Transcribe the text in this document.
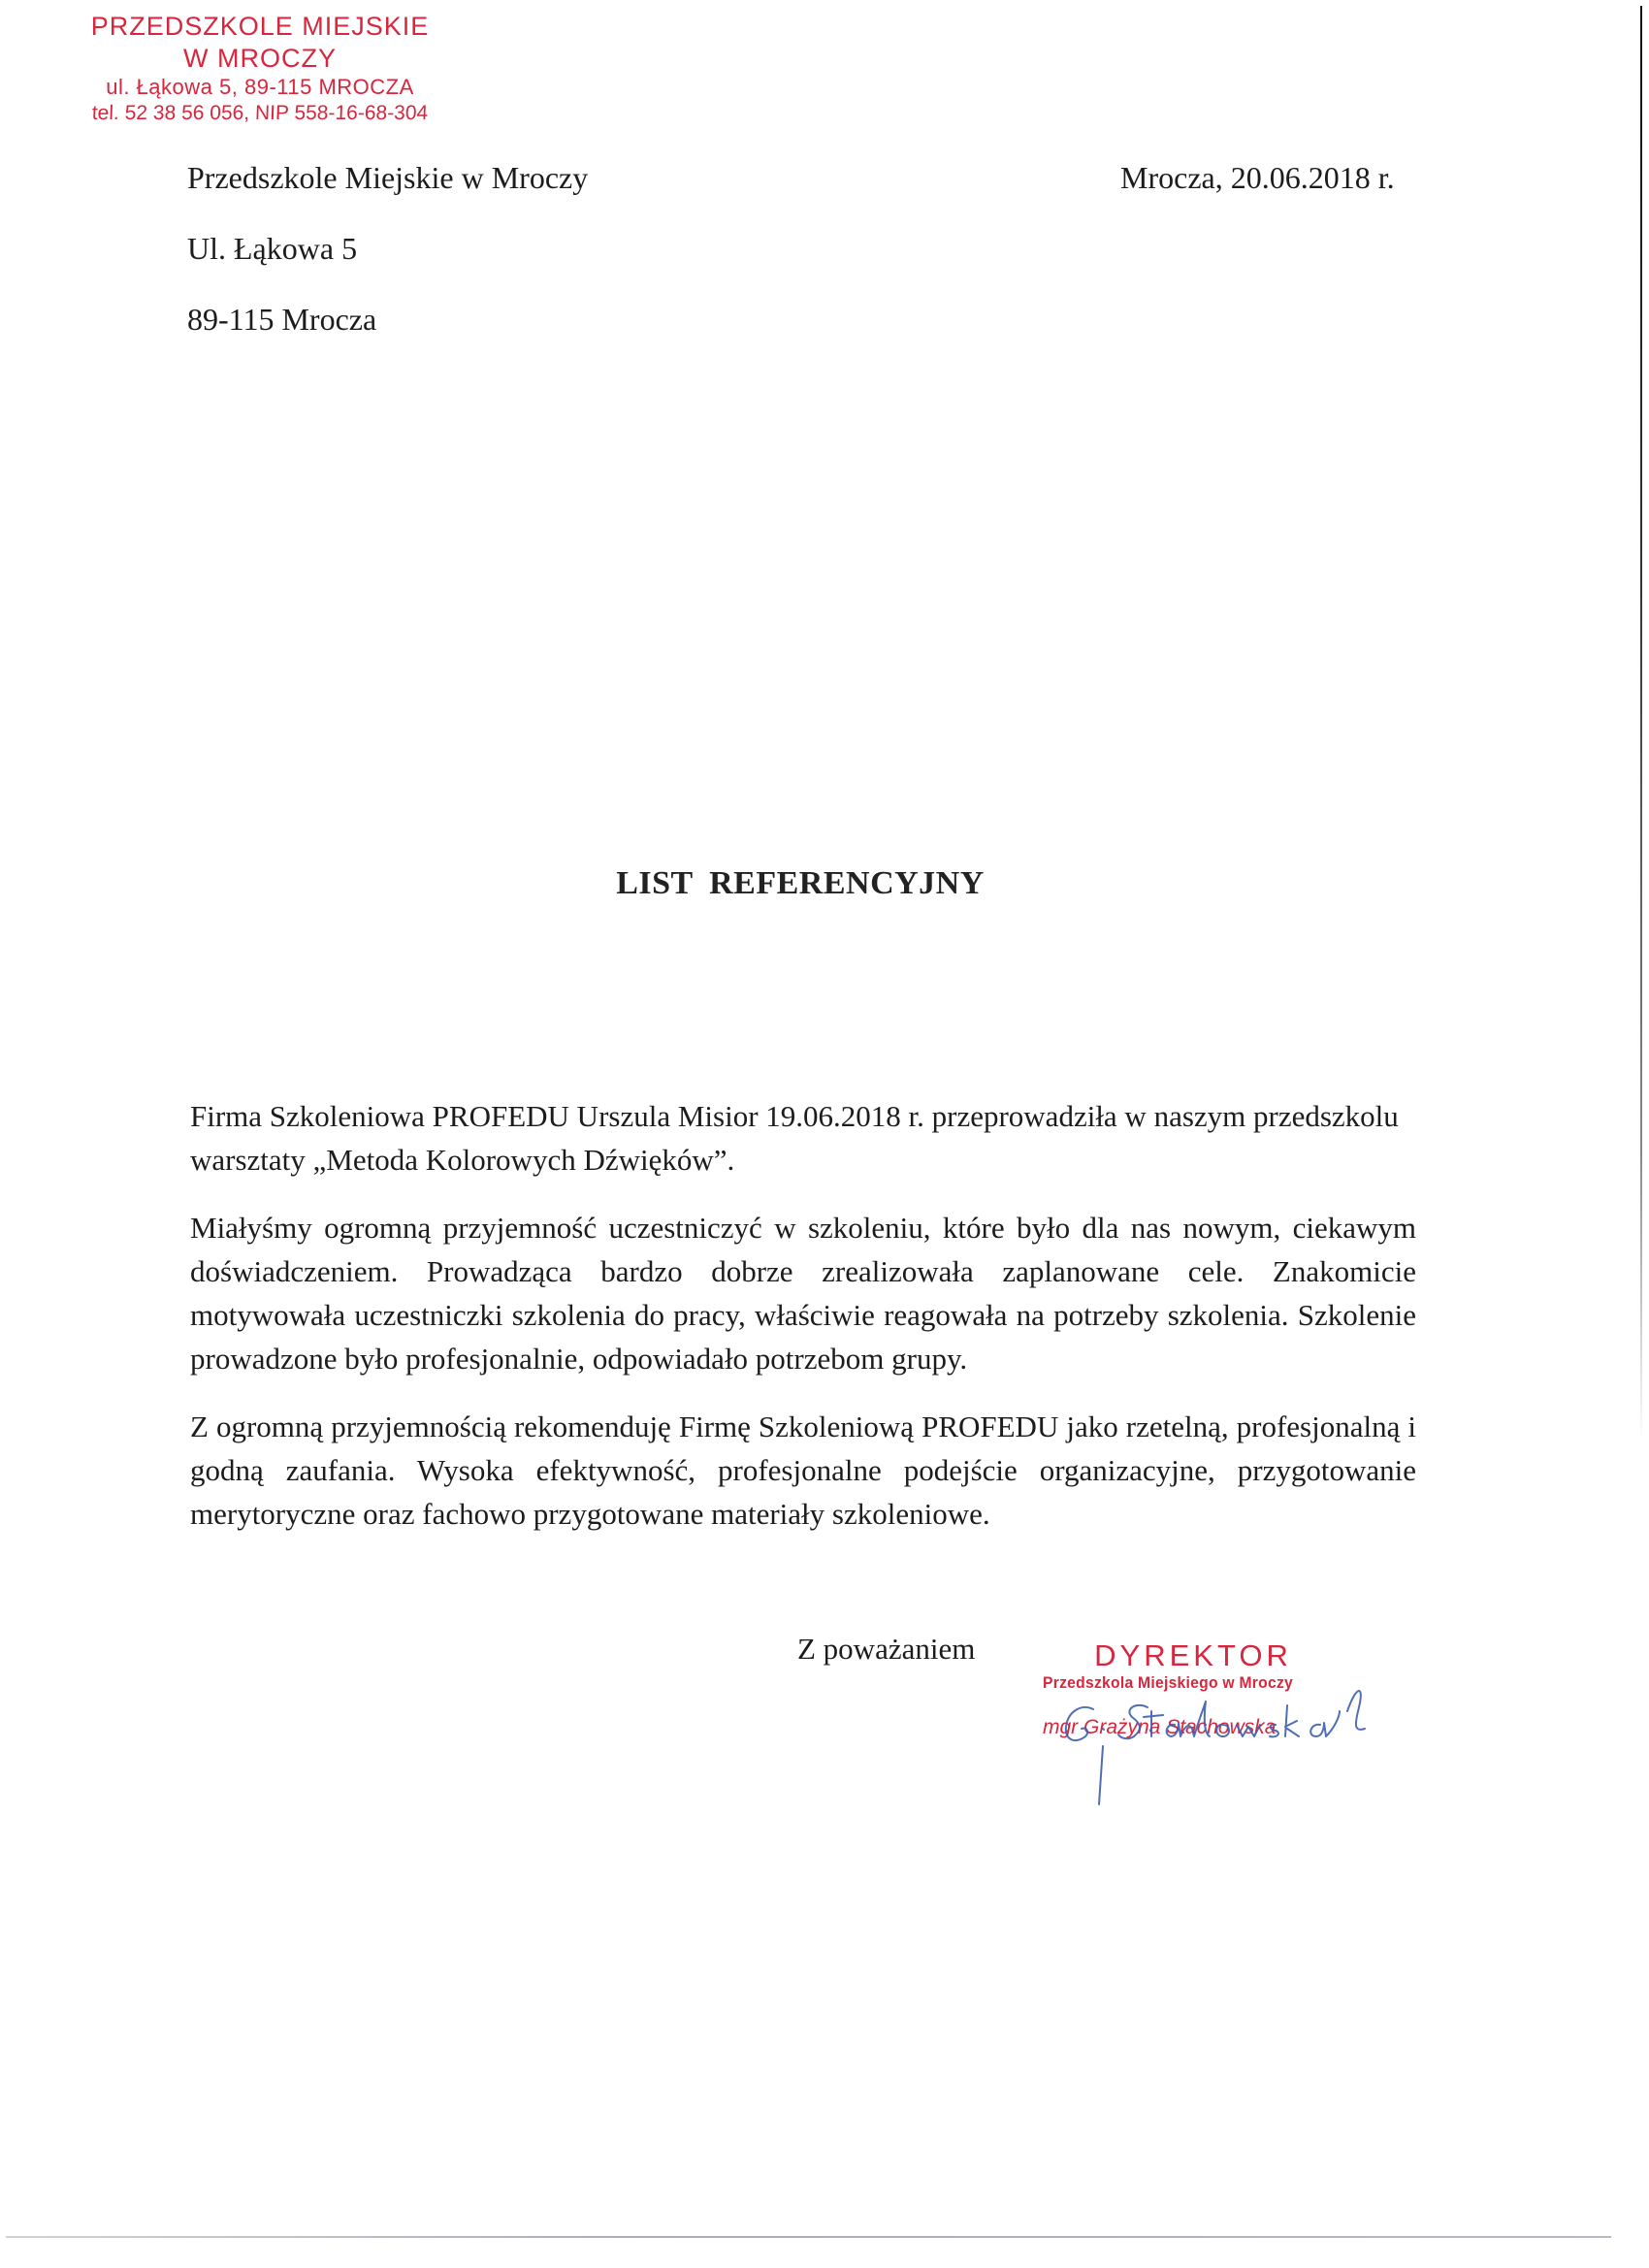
PRZEDSZKOLE MIEJSKIE
W MROCZY
ul. Łąkowa 5, 89-115 MROCZA
tel. 52 38 56 056, NIP 558-16-68-304
Przedszkole Miejskie w Mroczy
Ul. Łąkowa 5
89-115 Mrocza
Mrocza, 20.06.2018 r.
LIST REFERENCYJNY

Firma Szkoleniowa PROFEDU Urszula Misior 19.06.2018 r. przeprowadziła w naszym przedszkolu warsztaty „Metoda Kolorowych Dźwięków”.

Miałyśmy ogromną przyjemność uczestniczyć w szkoleniu, które było dla nas nowym, ciekawym doświadczeniem. Prowadząca bardzo dobrze zrealizowała zaplanowane cele. Znakomicie motywowała uczestniczki szkolenia do pracy, właściwie reagowała na potrzeby szkolenia. Szkolenie prowadzone było profesjonalnie, odpowiadało potrzebom grupy.

Z ogromną przyjemnością rekomenduję Firmę Szkoleniową PROFEDU jako rzetelną, profesjonalną i godną zaufania. Wysoka efektywność, profesjonalne podejście organizacyjne, przygotowanie merytoryczne oraz fachowo przygotowane materiały szkoleniowe.

Z poważaniem	DYREKTOR
Przedszkola Miejskiego w Mroczy
mgr Grażyna Stachowska
